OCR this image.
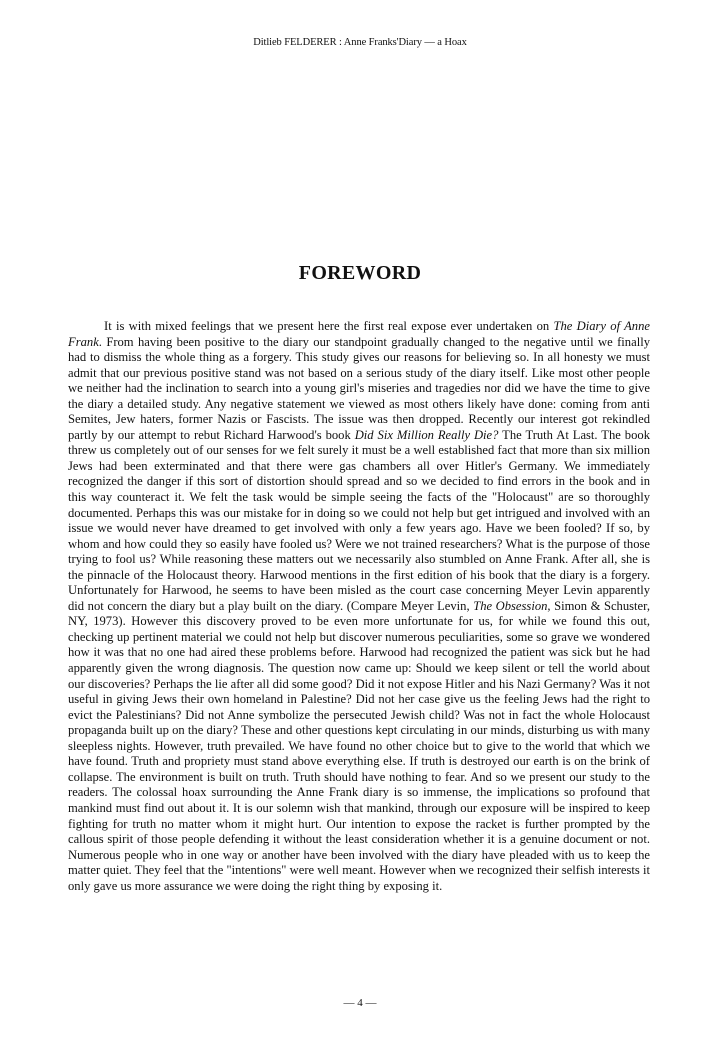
Ditlieb FELDERER : Anne Franks'Diary — a Hoax
FOREWORD

It is with mixed feelings that we present here the first real expose ever undertaken on The Diary of Anne Frank. From having been positive to the diary our standpoint gradually changed to the negative until we finally had to dismiss the whole thing as a forgery. This study gives our reasons for believing so. In all honesty we must admit that our previous positive stand was not based on a serious study of the diary itself. Like most other people we neither had the inclination to search into a young girl's miseries and tragedies nor did we have the time to give the diary a detailed study. Any negative statement we viewed as most others likely have done: coming from anti Semites, Jew haters, former Nazis or Fascists. The issue was then dropped. Recently our interest got rekindled partly by our attempt to rebut Richard Harwood's book Did Six Million Really Die? The Truth At Last. The book threw us completely out of our senses for we felt surely it must be a well established fact that more than six million Jews had been exterminated and that there were gas chambers all over Hitler's Germany. We immediately recognized the danger if this sort of distortion should spread and so we decided to find errors in the book and in this way counteract it. We felt the task would be simple seeing the facts of the "Holocaust" are so thoroughly documented. Perhaps this was our mistake for in doing so we could not help but get intrigued and involved with an issue we would never have dreamed to get involved with only a few years ago. Have we been fooled? If so, by whom and how could they so easily have fooled us? Were we not trained researchers? What is the purpose of those trying to fool us? While reasoning these matters out we necessarily also stumbled on Anne Frank. After all, she is the pinnacle of the Holocaust theory. Harwood mentions in the first edition of his book that the diary is a forgery. Unfortunately for Harwood, he seems to have been misled as the court case concerning Meyer Levin apparently did not concern the diary but a play built on the diary. (Compare Meyer Levin, The Obsession, Simon & Schuster, NY, 1973). However this discovery proved to be even more unfortunate for us, for while we found this out, checking up pertinent material we could not help but discover numerous peculiarities, some so grave we wondered how it was that no one had aired these problems before. Harwood had recognized the patient was sick but he had apparently given the wrong diagnosis. The question now came up: Should we keep silent or tell the world about our discoveries? Perhaps the lie after all did some good? Did it not expose Hitler and his Nazi Germany? Was it not useful in giving Jews their own homeland in Palestine? Did not her case give us the feeling Jews had the right to evict the Palestinians? Did not Anne symbolize the persecuted Jewish child? Was not in fact the whole Holocaust propaganda built up on the diary? These and other questions kept circulating in our minds, disturbing us with many sleepless nights. However, truth prevailed. We have found no other choice but to give to the world that which we have found. Truth and propriety must stand above everything else. If truth is destroyed our earth is on the brink of collapse. The environment is built on truth. Truth should have nothing to fear. And so we present our study to the readers. The colossal hoax surrounding the Anne Frank diary is so immense, the implications so profound that mankind must find out about it. It is our solemn wish that mankind, through our exposure will be inspired to keep fighting for truth no matter whom it might hurt. Our intention to expose the racket is further prompted by the callous spirit of those people defending it without the least consideration whether it is a genuine document or not. Numerous people who in one way or another have been involved with the diary have pleaded with us to keep the matter quiet. They feel that the "intentions" were well meant. However when we recognized their selfish interests it only gave us more assurance we were doing the right thing by exposing it.

— 4 —
